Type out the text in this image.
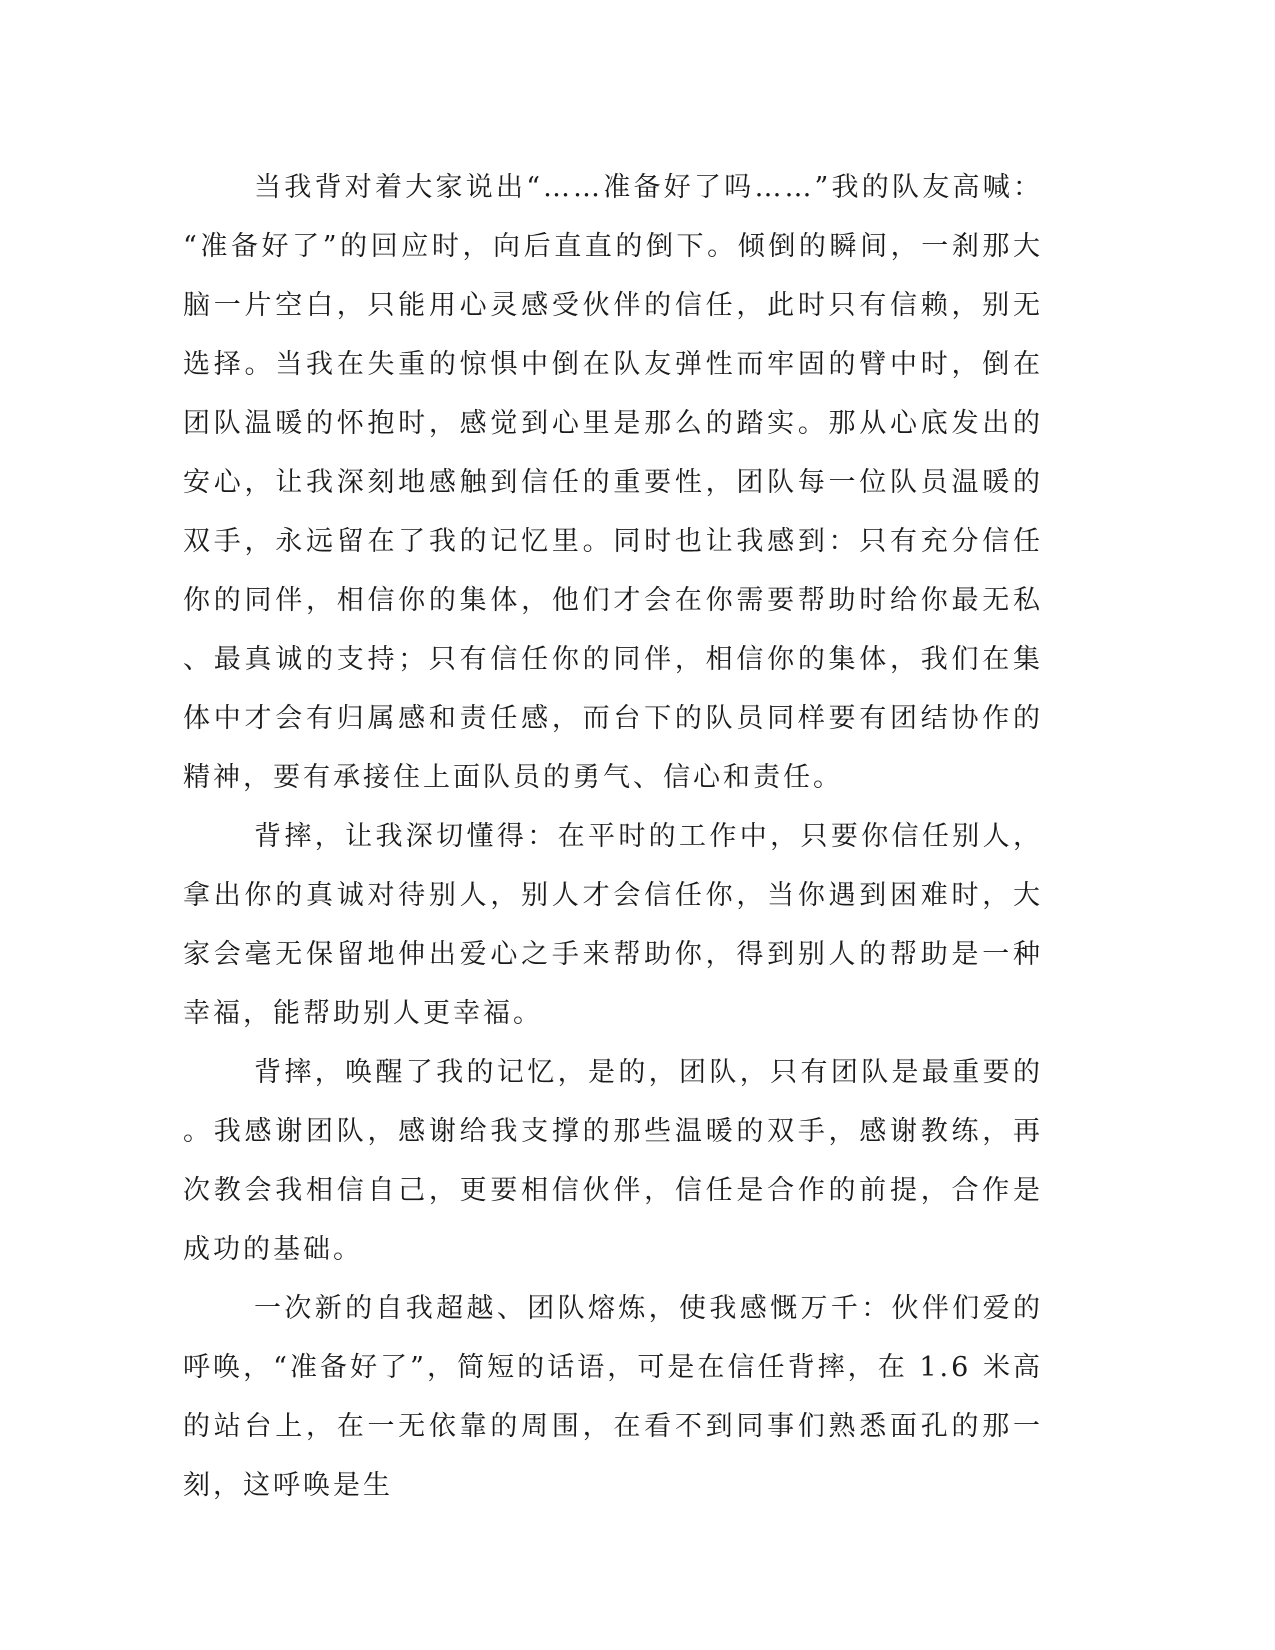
当我背对着大家说出“……准备好了吗……”我的队友高喊：“准备好了”的回应时，向后直直的倒下。倾倒的瞬间，一刹那大脑一片空白，只能用心灵感受伙伴的信任，此时只有信赖，别无选择。当我在失重的惊惧中倒在队友弹性而牢固的臂中时，倒在团队温暖的怀抱时，感觉到心里是那么的踏实。那从心底发出的安心，让我深刻地感触到信任的重要性，团队每一位队员温暖的双手，永远留在了我的记忆里。同时也让我感到：只有充分信任你的同伴，相信你的集体，他们才会在你需要帮助时给你最无私、最真诚的支持；只有信任你的同伴，相信你的集体，我们在集体中才会有归属感和责任感，而台下的队员同样要有团结协作的精神，要有承接住上面队员的勇气、信心和责任。

背摔，让我深切懂得：在平时的工作中，只要你信任别人，拿出你的真诚对待别人，别人才会信任你，当你遇到困难时，大家会毫无保留地伸出爱心之手来帮助你，得到别人的帮助是一种幸福，能帮助别人更幸福。

背摔，唤醒了我的记忆，是的，团队，只有团队是最重要的。我感谢团队，感谢给我支撑的那些温暖的双手，感谢教练，再次教会我相信自己，更要相信伙伴，信任是合作的前提，合作是成功的基础。

一次新的自我超越、团队熔炼，使我感慨万千：伙伴们爱的呼唤，“准备好了”，简短的话语，可是在信任背摔，在 1.6 米高的站台上，在一无依靠的周围，在看不到同事们熟悉面孔的那一刻，这呼唤是生
